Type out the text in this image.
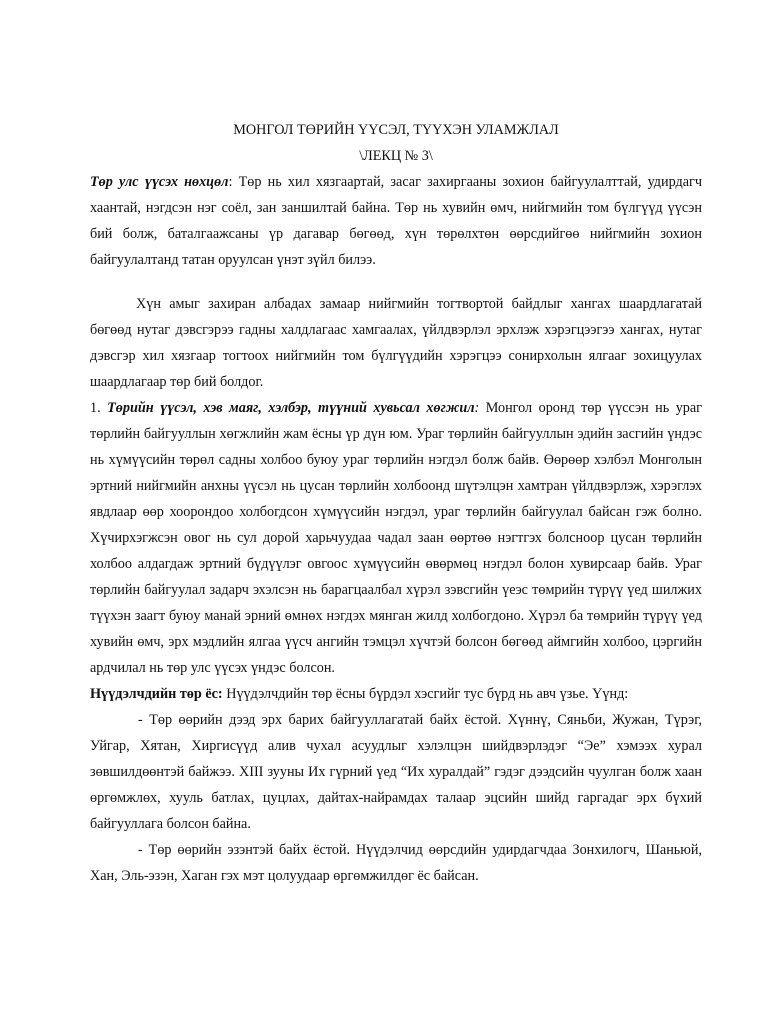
МОНГОЛ ТӨРИЙН ҮҮСЭЛ, ТҮҮХЭН УЛАМЖЛАЛ
\ЛЕКЦ № 3\

Төр улс үүсэх нөхцөл: Төр нь хил хязгаартай, засаг захиргааны зохион байгуулалттай, удирдагч хаантай, нэгдсэн нэг соёл, зан заншилтай байна. Төр нь хувийн өмч, нийгмийн том бүлгүүд үүсэн бий болж, баталгаажсаны үр дагавар бөгөөд, хүн төрөлхтөн өөрсдийгөө нийгмийн зохион байгуулалтанд татан оруулсан үнэт зүйл билээ.

Хүн амыг захиран албадах замаар нийгмийн тогтвортой байдлыг хангах шаардлагатай бөгөөд нутаг дэвсгэрээ гадны халдлагаас хамгаалах, үйлдвэрлэл эрхлэж хэрэгцээгээ хангах, нутаг дэвсгэр хил хязгаар тогтоох нийгмийн том бүлгүүдийн хэрэгцээ сонирхолын ялгааг зохицуулах шаардлагаар төр бий болдог.

1. Төрийн үүсэл, хэв маяг, хэлбэр, түүний хувьсал хөгжил: Монгол оронд төр үүссэн нь ураг төрлийн байгууллын хөгжлийн жам ёсны үр дүн юм. Ураг төрлийн байгууллын эдийн засгийн үндэс нь хүмүүсийн төрөл садны холбоо буюу ураг төрлийн нэгдэл болж байв. Өөрөөр хэлбэл Монголын эртний нийгмийн анхны үүсэл нь цусан төрлийн холбоонд шүтэлцэн хамтран үйлдвэрлэж, хэрэглэх явдлаар өөр хоорондоо холбогдсон хүмүүсийн нэгдэл, ураг төрлийн байгуулал байсан гэж болно. Хүчирхэгжсэн овог нь сул дорой харьчуудаа чадал заан өөртөө нэгтгэх болсноор цусан төрлийн холбоо алдагдаж эртний бүдүүлэг овгоос хүмүүсийн өвөрмөц нэгдэл болон хувирсаар байв. Ураг төрлийн байгуулал задарч эхэлсэн нь барагцаалбал хүрэл зэвсгийн үеэс төмрийн түрүү үед шилжих түүхэн заагт буюу манай эрний өмнөх нэгдэх мянган жилд холбогдоно. Хүрэл ба төмрийн түрүү үед хувийн өмч, эрх мэдлийн ялгаа үүсч ангийн тэмцэл хүчтэй болсон бөгөөд аймгийн холбоо, цэргийн ардчилал нь төр улс үүсэх үндэс болсон.

Нүүдэлчдийн төр ёс: Нүүдэлчдийн төр ёсны бүрдэл хэсгийг тус бүрд нь авч үзье. Үүнд:

- Төр өөрийн дээд эрх барих байгууллагатай байх ёстой. Хүннү, Сяньби, Жужан, Түрэг, Уйгар, Хятан, Хиргисүүд алив чухал асуудлыг хэлэлцэн шийдвэрлэдэг “Эе” хэмээх хурал зөвшилдөөнтэй байжээ. XIII зууны Их гүрний үед “Их хуралдай” гэдэг дээдсийн чуулган болж хаан өргөмжлөх, хууль батлах, цуцлах, дайтах-найрамдах талаар эцсийн шийд гаргадаг эрх бүхий байгууллага болсон байна.

- Төр өөрийн эзэнтэй байх ёстой. Нүүдэлчид өөрсдийн удирдагчдаа Зонхилогч, Шаньюй, Хан, Эль-эзэн, Хаган гэх мэт цолуудаар өргөмжилдөг ёс байсан.
